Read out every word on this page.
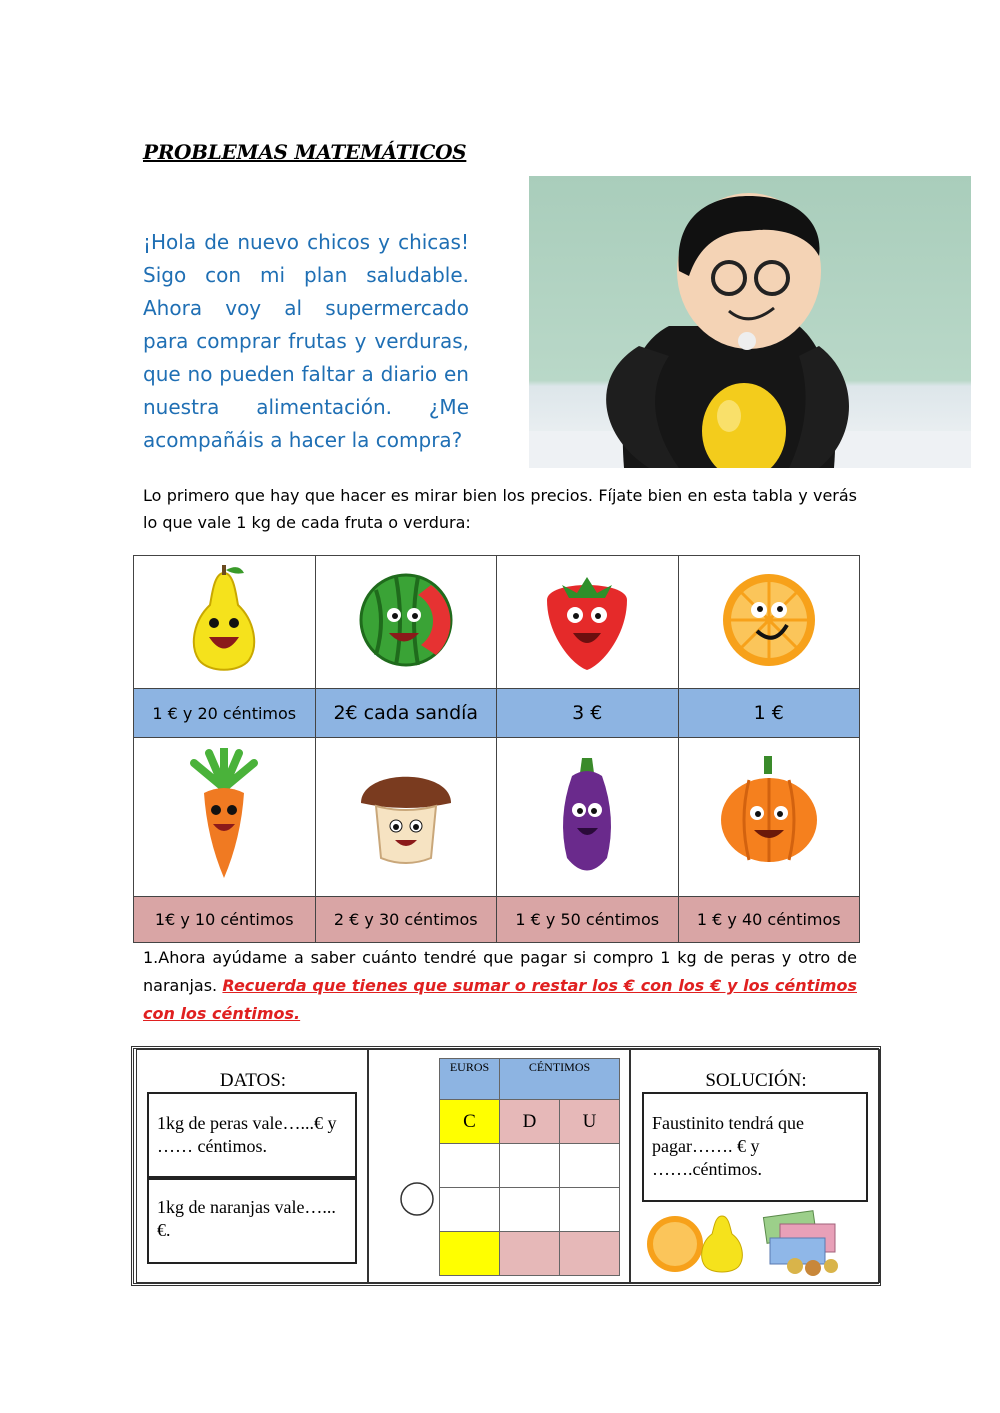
PROBLEMAS MATEMÁTICOS
¡Hola de nuevo chicos y chicas! Sigo con mi plan saludable. Ahora voy al supermercado para comprar frutas y verduras, que no pueden faltar a diario en nuestra alimentación. ¿Me acompañáis a hacer la compra?
Lo primero que hay que hacer es mirar bien los precios. Fíjate bien en esta tabla y verás lo que vale 1 kg de cada fruta o verdura:

1 € y 20 céntimos	2€ cada sandía	3 €	1 €

1€ y 10 céntimos	2 € y 30 céntimos	1 € y 50 céntimos	1 € y 40 céntimos
1.Ahora ayúdame a saber cuánto tendré que pagar si compro 1 kg de peras y otro de naranjas. Recuerda que tienes que sumar o restar los € con los € y los céntimos con los céntimos.
DATOS:
1kg de peras vale…...€ y …… céntimos.
1kg de naranjas vale…...€.
SOLUCIÓN:
Faustinito tendrá que pagar……. € y …….céntimos.
EUROS	CÉNTIMOS	
C	D	U
